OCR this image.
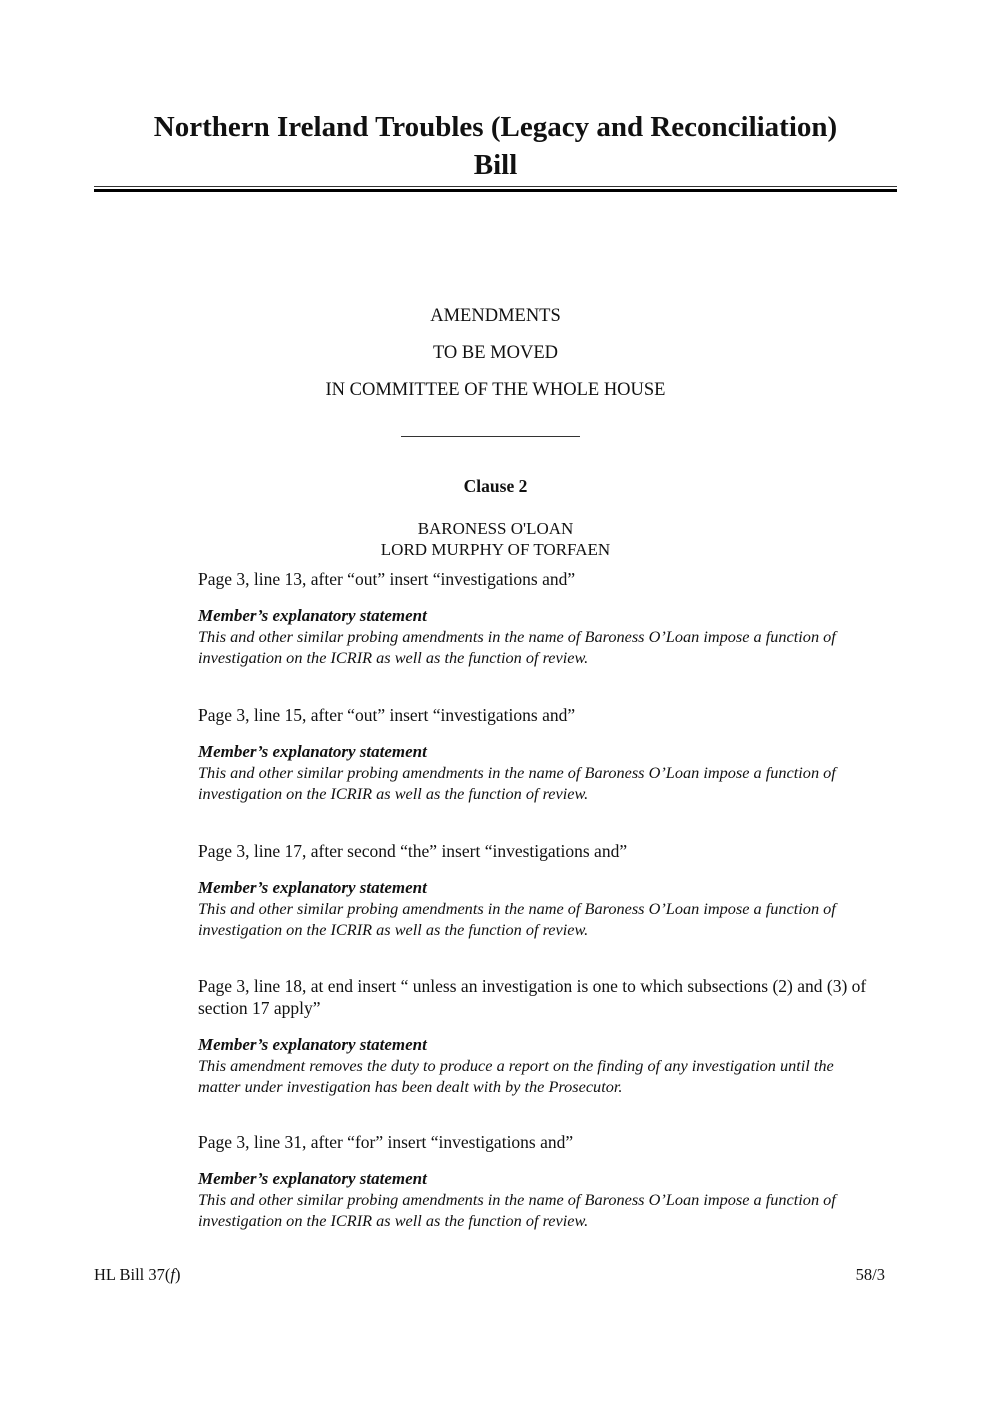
Northern Ireland Troubles (Legacy and Reconciliation)
Bill
AMENDMENTS
TO BE MOVED
IN COMMITTEE OF THE WHOLE HOUSE
Clause 2
BARONESS O'LOAN
LORD MURPHY OF TORFAEN
Page 3, line 13, after “out” insert “investigations and”
Member’s explanatory statement
This and other similar probing amendments in the name of Baroness O’Loan impose a function of investigation on the ICRIR as well as the function of review.
Page 3, line 15, after “out” insert “investigations and”
Member’s explanatory statement
This and other similar probing amendments in the name of Baroness O’Loan impose a function of investigation on the ICRIR as well as the function of review.
Page 3, line 17, after second “the” insert “investigations and”
Member’s explanatory statement
This and other similar probing amendments in the name of Baroness O’Loan impose a function of investigation on the ICRIR as well as the function of review.
Page 3, line 18, at end insert “ unless an investigation is one to which subsections (2) and (3) of section 17 apply”
Member’s explanatory statement
This amendment removes the duty to produce a report on the finding of any investigation until the matter under investigation has been dealt with by the Prosecutor.
Page 3, line 31, after “for” insert “investigations and”
Member’s explanatory statement
This and other similar probing amendments in the name of Baroness O’Loan impose a function of investigation on the ICRIR as well as the function of review.
HL Bill 37(f)	58/3
